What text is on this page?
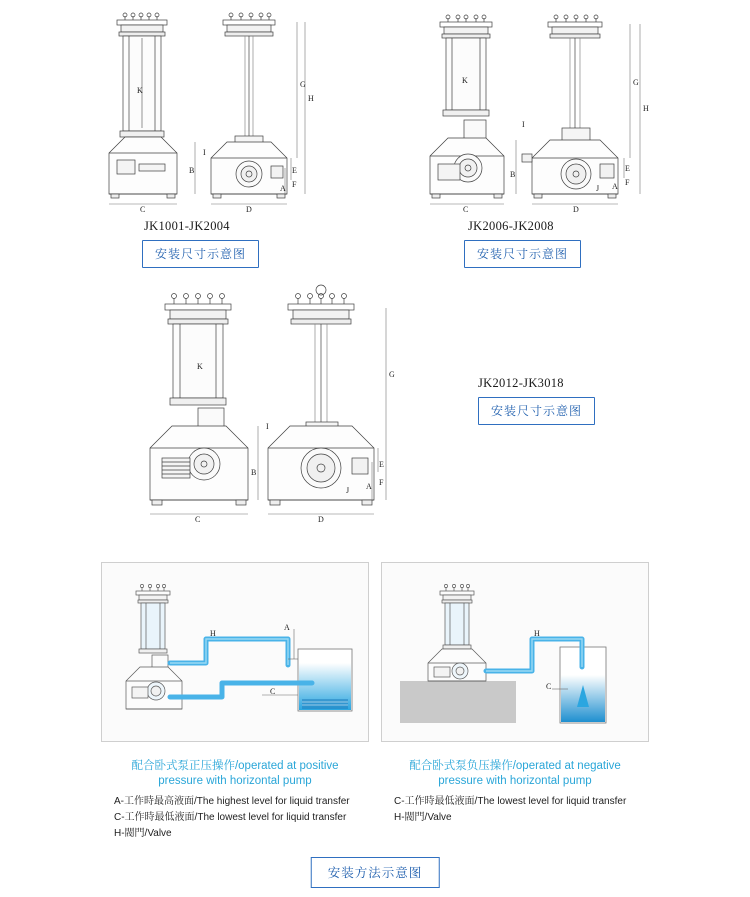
K
I
B
C
H
G
E
F
A
D
JK1001-JK2004
安装尺寸示意图
K
I
B
C
H
G
E
F
A
J
D
JK2006-JK2008
安装尺寸示意图
K
I
B
C
G
E
F
A
J
D
JK2012-JK3018
安装尺寸示意图
A
C
H
配合卧式泵正压操作/operated at positive
pressure with horizontal pump
A-工作時最高液面/The highest level for liquid transfer
C-工作時最低液面/The lowest level for liquid transfer
H-閥門/Valve
C
H
配合卧式泵负压操作/operated at negative
pressure with horizontal pump
C-工作時最低液面/The lowest level for liquid transfer
H-閥門/Valve
安装方法示意图
